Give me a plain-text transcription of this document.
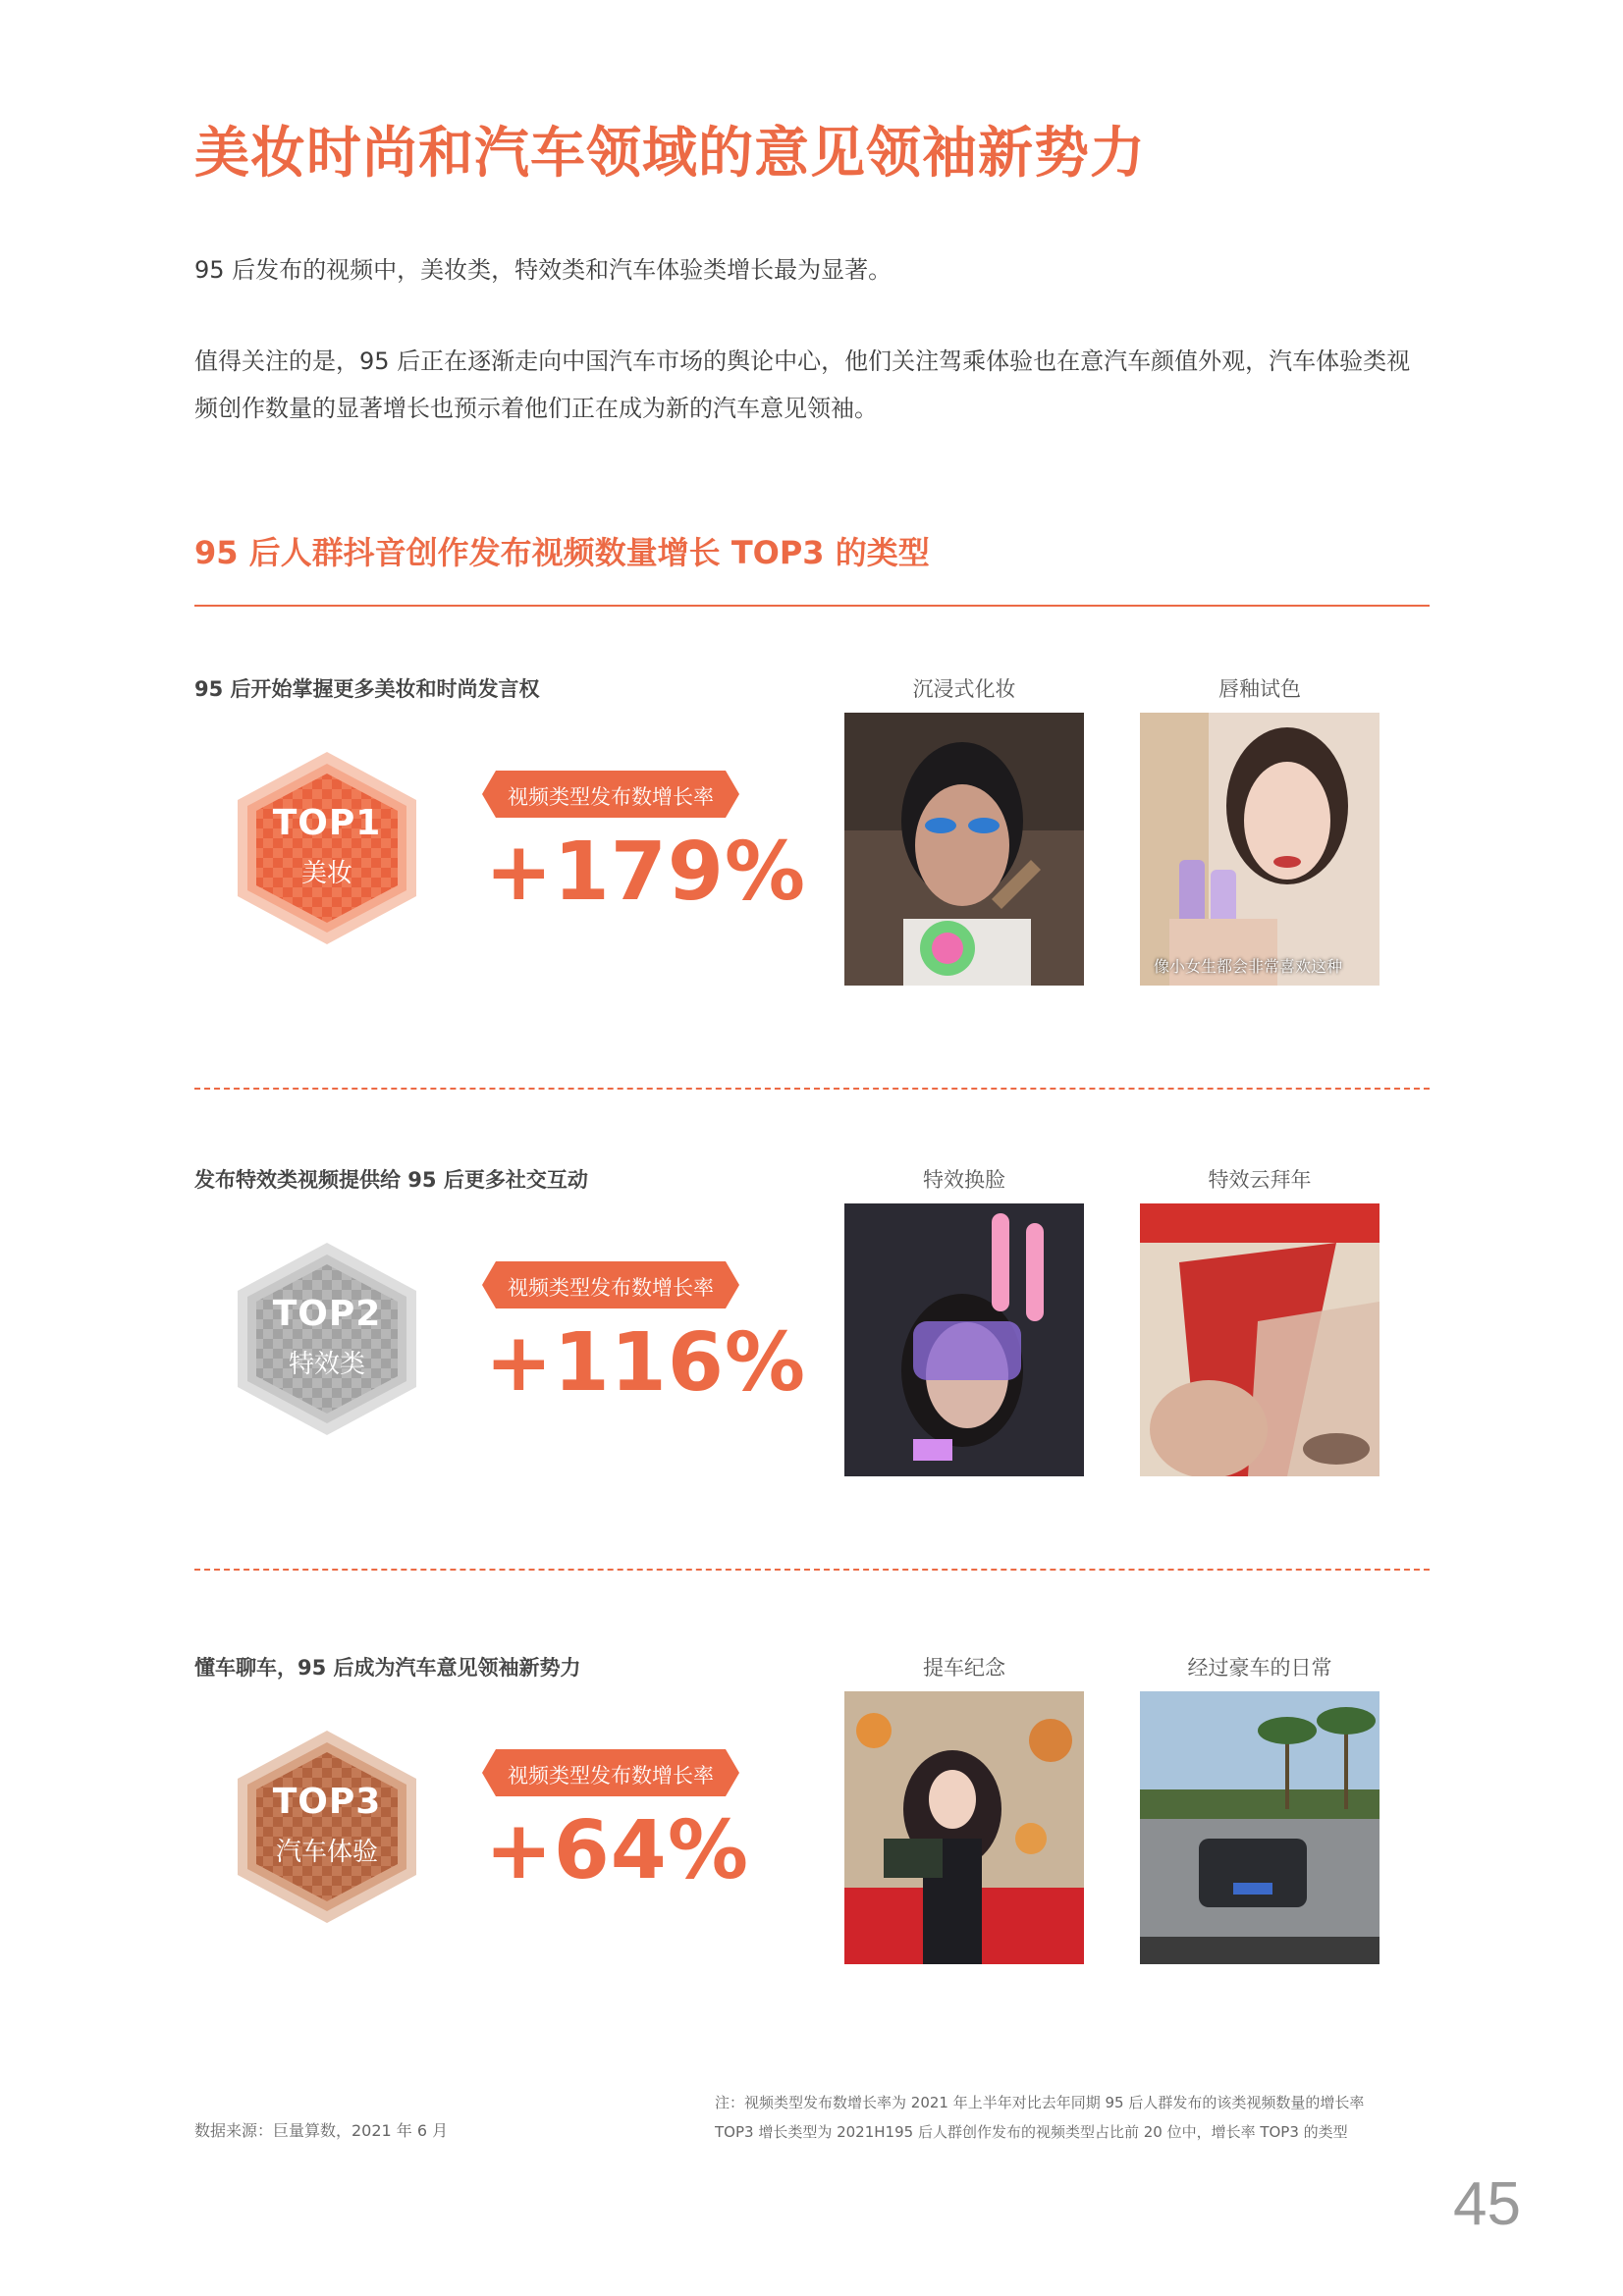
美妆时尚和汽车领域的意见领袖新势力
95 后发布的视频中，美妆类，特效类和汽车体验类增长最为显著。
值得关注的是，95 后正在逐渐走向中国汽车市场的舆论中心，他们关注驾乘体验也在意汽车颜值外观，汽车体验类视频创作数量的显著增长也预示着他们正在成为新的汽车意见领袖。
95 后人群抖音创作发布视频数量增长 TOP3 的类型
95 后开始掌握更多美妆和时尚发言权
TOP1
美妆
视频类型发布数增长率
+179%
沉浸式化妆	唇釉试色
像小女生都会非常喜欢这种
发布特效类视频提供给 95 后更多社交互动
TOP2
特效类
视频类型发布数增长率
+116%
特效换脸	特效云拜年
懂车聊车，95 后成为汽车意见领袖新势力
TOP3
汽车体验
视频类型发布数增长率
+64%
提车纪念	经过豪车的日常
数据来源：巨量算数，2021 年 6 月
注：视频类型发布数增长率为 2021 年上半年对比去年同期 95 后人群发布的该类视频数量的增长率
TOP3 增长类型为 2021H195 后人群创作发布的视频类型占比前 20 位中，增长率 TOP3 的类型
45
